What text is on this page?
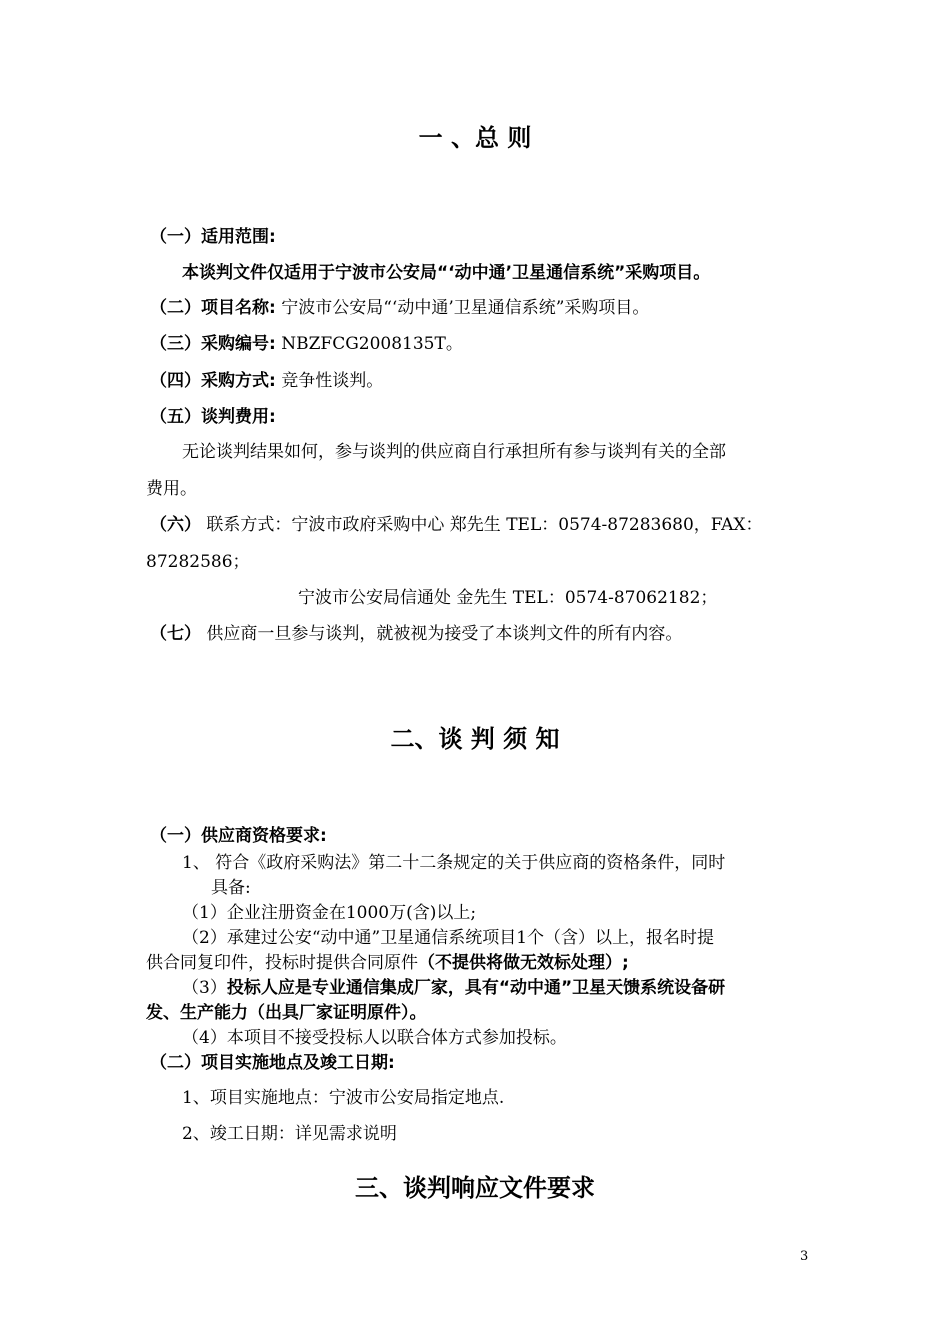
一 、总 则
（一）适用范围:
本谈判文件仅适用于宁波市公安局“‘动中通’卫星通信系统”采购项目。
（二）项目名称: 宁波市公安局“‘动中通’卫星通信系统”采购项目。
（三）采购编号: NBZFCG2008135T。
（四）采购方式: 竞争性谈判。
（五）谈判费用:
无论谈判结果如何，参与谈判的供应商自行承担所有参与谈判有关的全部
费用。
（六） 联系方式：宁波市政府采购中心 郑先生 TEL：0574-87283680，FAX：
87282586；
宁波市公安局信通处 金先生 TEL：0574-87062182；
（七） 供应商一旦参与谈判，就被视为接受了本谈判文件的所有内容。
二、谈 判 须 知
（一）供应商资格要求:
1、 符合《政府采购法》第二十二条规定的关于供应商的资格条件，同时
具备:
（1）企业注册资金在1000万(含)以上;
（2）承建过公安“动中通”卫星通信系统项目1个（含）以上，报名时提
供合同复印件，投标时提供合同原件（不提供将做无效标处理）;
（3）投标人应是专业通信集成厂家，具有“动中通”卫星天馈系统设备研
发、生产能力（出具厂家证明原件）。
（4）本项目不接受投标人以联合体方式参加投标。
（二）项目实施地点及竣工日期:
1、项目实施地点：宁波市公安局指定地点.
2、竣工日期：详见需求说明
三、谈判响应文件要求
3
